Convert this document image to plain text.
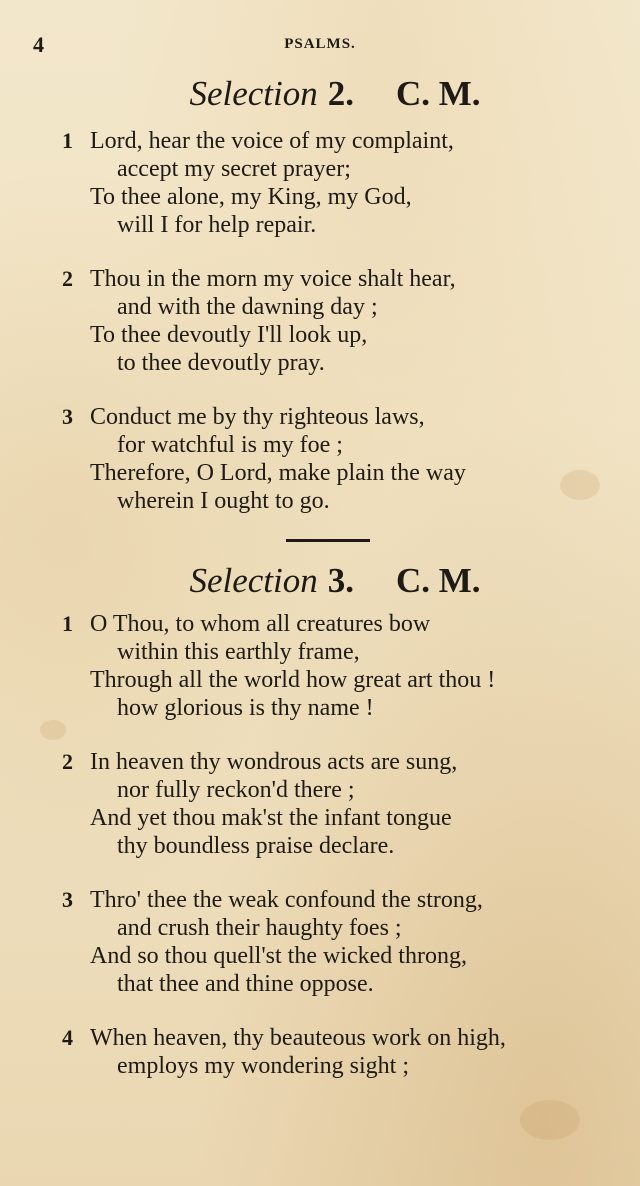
4	PSALMS.
Selection 2. C. M.
1 Lord, hear the voice of my complaint,
accept my secret prayer;
To thee alone, my King, my God,
will I for help repair.
2 Thou in the morn my voice shalt hear,
and with the dawning day ;
To thee devoutly I'll look up,
to thee devoutly pray.
3 Conduct me by thy righteous laws,
for watchful is my foe ;
Therefore, O Lord, make plain the way
wherein I ought to go.
Selection 3. C. M.
1 O Thou, to whom all creatures bow
within this earthly frame,
Through all the world how great art thou !
how glorious is thy name !
2 In heaven thy wondrous acts are sung,
nor fully reckon'd there ;
And yet thou mak'st the infant tongue
thy boundless praise declare.
3 Thro' thee the weak confound the strong,
and crush their haughty foes ;
And so thou quell'st the wicked throng,
that thee and thine oppose.
4 When heaven, thy beauteous work on high,
employs my wondering sight ;
